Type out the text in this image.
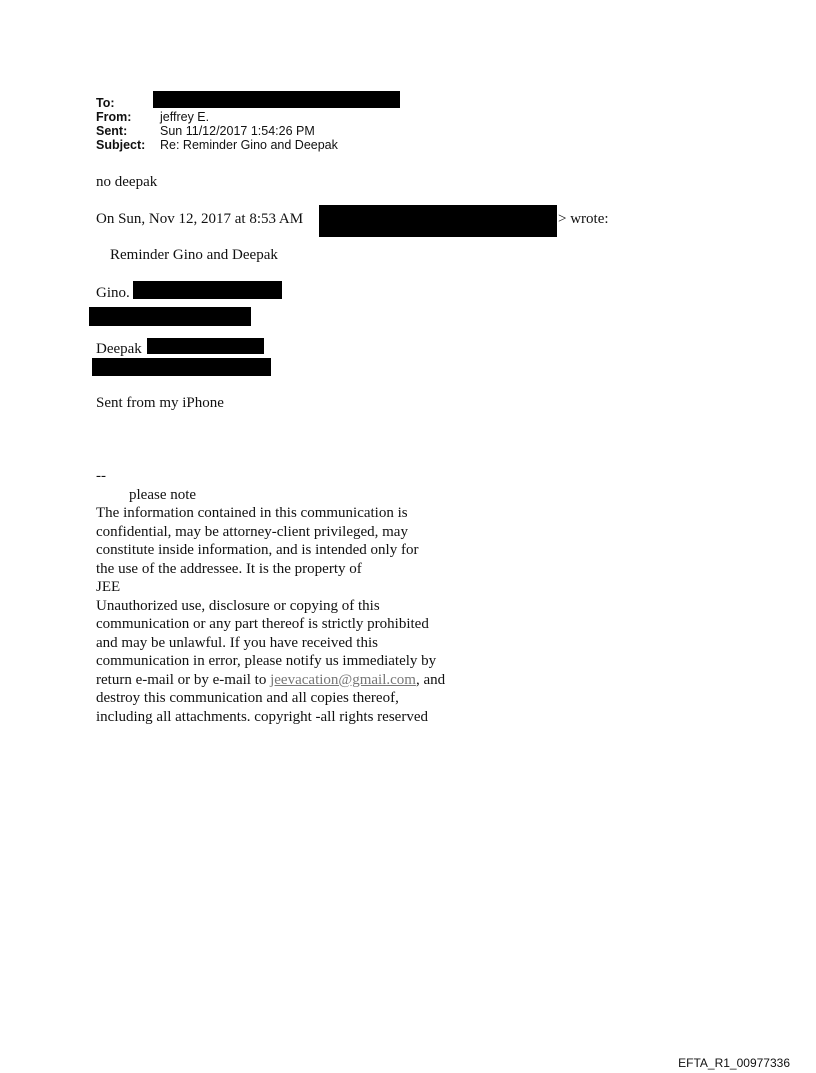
To:
From:	jeffrey E.
Sent:	Sun 11/12/2017 1:54:26 PM
Subject:	Re: Reminder Gino and Deepak
no deepak
On Sun, Nov 12, 2017 at 8:53 AM	> wrote:
Reminder Gino and Deepak
Gino.
Deepak
Sent from my iPhone
--
please note
The information contained in this communication is
confidential, may be attorney-client privileged, may
constitute inside information, and is intended only for
the use of the addressee. It is the property of
JEE
Unauthorized use, disclosure or copying of this
communication or any part thereof is strictly prohibited
and may be unlawful. If you have received this
communication in error, please notify us immediately by
return e-mail or by e-mail to jeevacation@gmail.com, and
destroy this communication and all copies thereof,
including all attachments. copyright -all rights reserved
EFTA_R1_00977336
